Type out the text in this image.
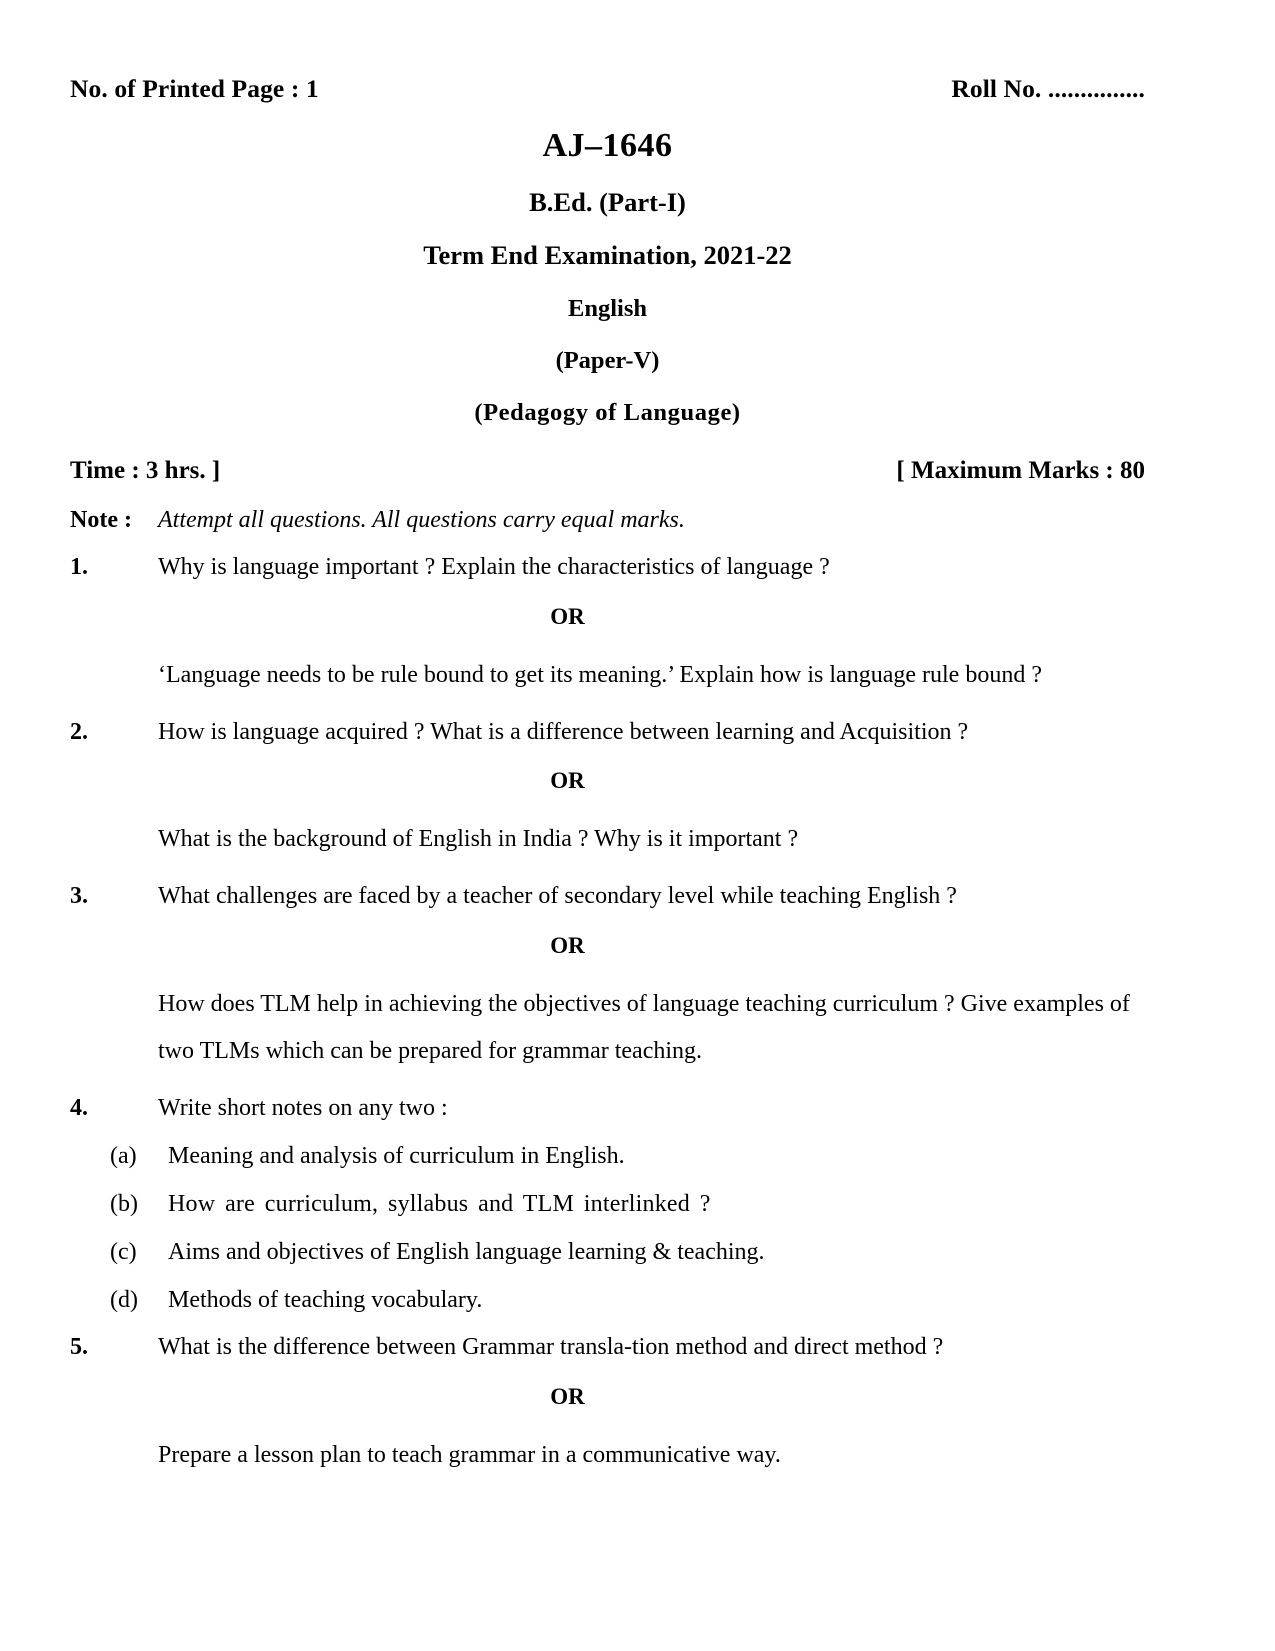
No. of Printed Page : 1	Roll No. ...............
AJ–1646
B.Ed. (Part-I)
Term End Examination, 2021-22
English
(Paper-V)
(Pedagogy of Language)
Time : 3 hrs. ]	[ Maximum Marks : 80
Note :	Attempt all questions. All questions carry equal marks.
1.	Why is language important ? Explain the characteristics of language ?
OR
‘Language needs to be rule bound to get its meaning.’ Explain how is language rule bound ?
2.	How is language acquired ? What is a difference between learning and Acquisition ?
OR
What is the background of English in India ? Why is it important ?
3.	What challenges are faced by a teacher of secondary level while teaching English ?
OR
How does TLM help in achieving the objectives of language teaching curriculum ? Give examples of two TLMs which can be prepared for grammar teaching.
4.	Write short notes on any two :
(a)	Meaning and analysis of curriculum in English.
(b)	How are curriculum, syllabus and TLM interlinked ?
(c)	Aims and objectives of English language learning & teaching.
(d)	Methods of teaching vocabulary.
5.	What is the difference between Grammar transla-tion method and direct method ?
OR
Prepare a lesson plan to teach grammar in a communicative way.
